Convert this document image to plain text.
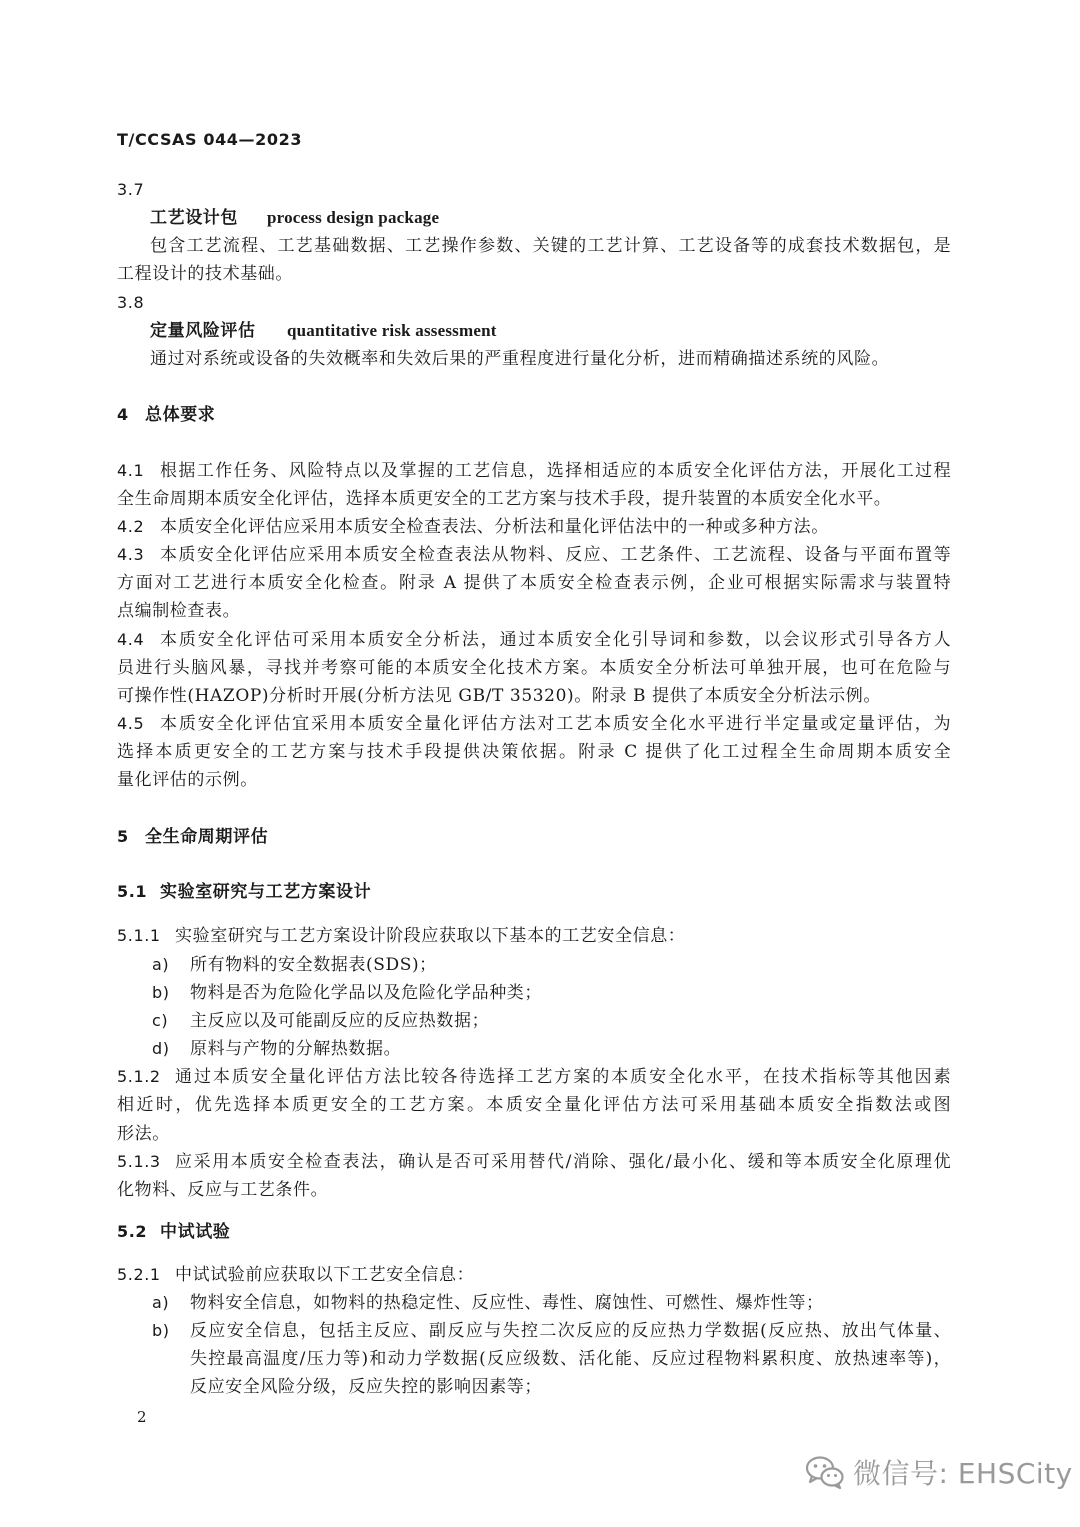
T/CCSAS 044—2023
3.7
工艺设计包 process design package
包含工艺流程、工艺基础数据、工艺操作参数、关键的工艺计算、工艺设备等的成套技术数据包，是
工程设计的技术基础。
3.8
定量风险评估 quantitative risk assessment
通过对系统或设备的失效概率和失效后果的严重程度进行量化分析，进而精确描述系统的风险。
4 总体要求
4.1 根据工作任务、风险特点以及掌握的工艺信息，选择相适应的本质安全化评估方法，开展化工过程
全生命周期本质安全化评估，选择本质更安全的工艺方案与技术手段，提升装置的本质安全化水平。
4.2 本质安全化评估应采用本质安全检查表法、分析法和量化评估法中的一种或多种方法。
4.3 本质安全化评估应采用本质安全检查表法从物料、反应、工艺条件、工艺流程、设备与平面布置等
方面对工艺进行本质安全化检查。附录 A 提供了本质安全检查表示例，企业可根据实际需求与装置特
点编制检查表。
4.4 本质安全化评估可采用本质安全分析法，通过本质安全化引导词和参数，以会议形式引导各方人
员进行头脑风暴，寻找并考察可能的本质安全化技术方案。本质安全分析法可单独开展，也可在危险与
可操作性(HAZOP)分析时开展(分析方法见 GB/T 35320)。附录 B 提供了本质安全分析法示例。
4.5 本质安全化评估宜采用本质安全量化评估方法对工艺本质安全化水平进行半定量或定量评估，为
选择本质更安全的工艺方案与技术手段提供决策依据。附录 C 提供了化工过程全生命周期本质安全
量化评估的示例。
5 全生命周期评估
5.1 实验室研究与工艺方案设计
5.1.1 实验室研究与工艺方案设计阶段应获取以下基本的工艺安全信息：
a) 所有物料的安全数据表(SDS)；
b) 物料是否为危险化学品以及危险化学品种类；
c) 主反应以及可能副反应的反应热数据；
d) 原料与产物的分解热数据。
5.1.2 通过本质安全量化评估方法比较各待选择工艺方案的本质安全化水平，在技术指标等其他因素
相近时，优先选择本质更安全的工艺方案。本质安全量化评估方法可采用基础本质安全指数法或图
形法。
5.1.3 应采用本质安全检查表法，确认是否可采用替代/消除、强化/最小化、缓和等本质安全化原理优
化物料、反应与工艺条件。
5.2 中试试验
5.2.1 中试试验前应获取以下工艺安全信息：
a) 物料安全信息，如物料的热稳定性、反应性、毒性、腐蚀性、可燃性、爆炸性等；
b) 反应安全信息，包括主反应、副反应与失控二次反应的反应热力学数据(反应热、放出气体量、
失控最高温度/压力等)和动力学数据(反应级数、活化能、反应过程物料累积度、放热速率等)，
反应安全风险分级，反应失控的影响因素等；
2
微信号: EHSCity
